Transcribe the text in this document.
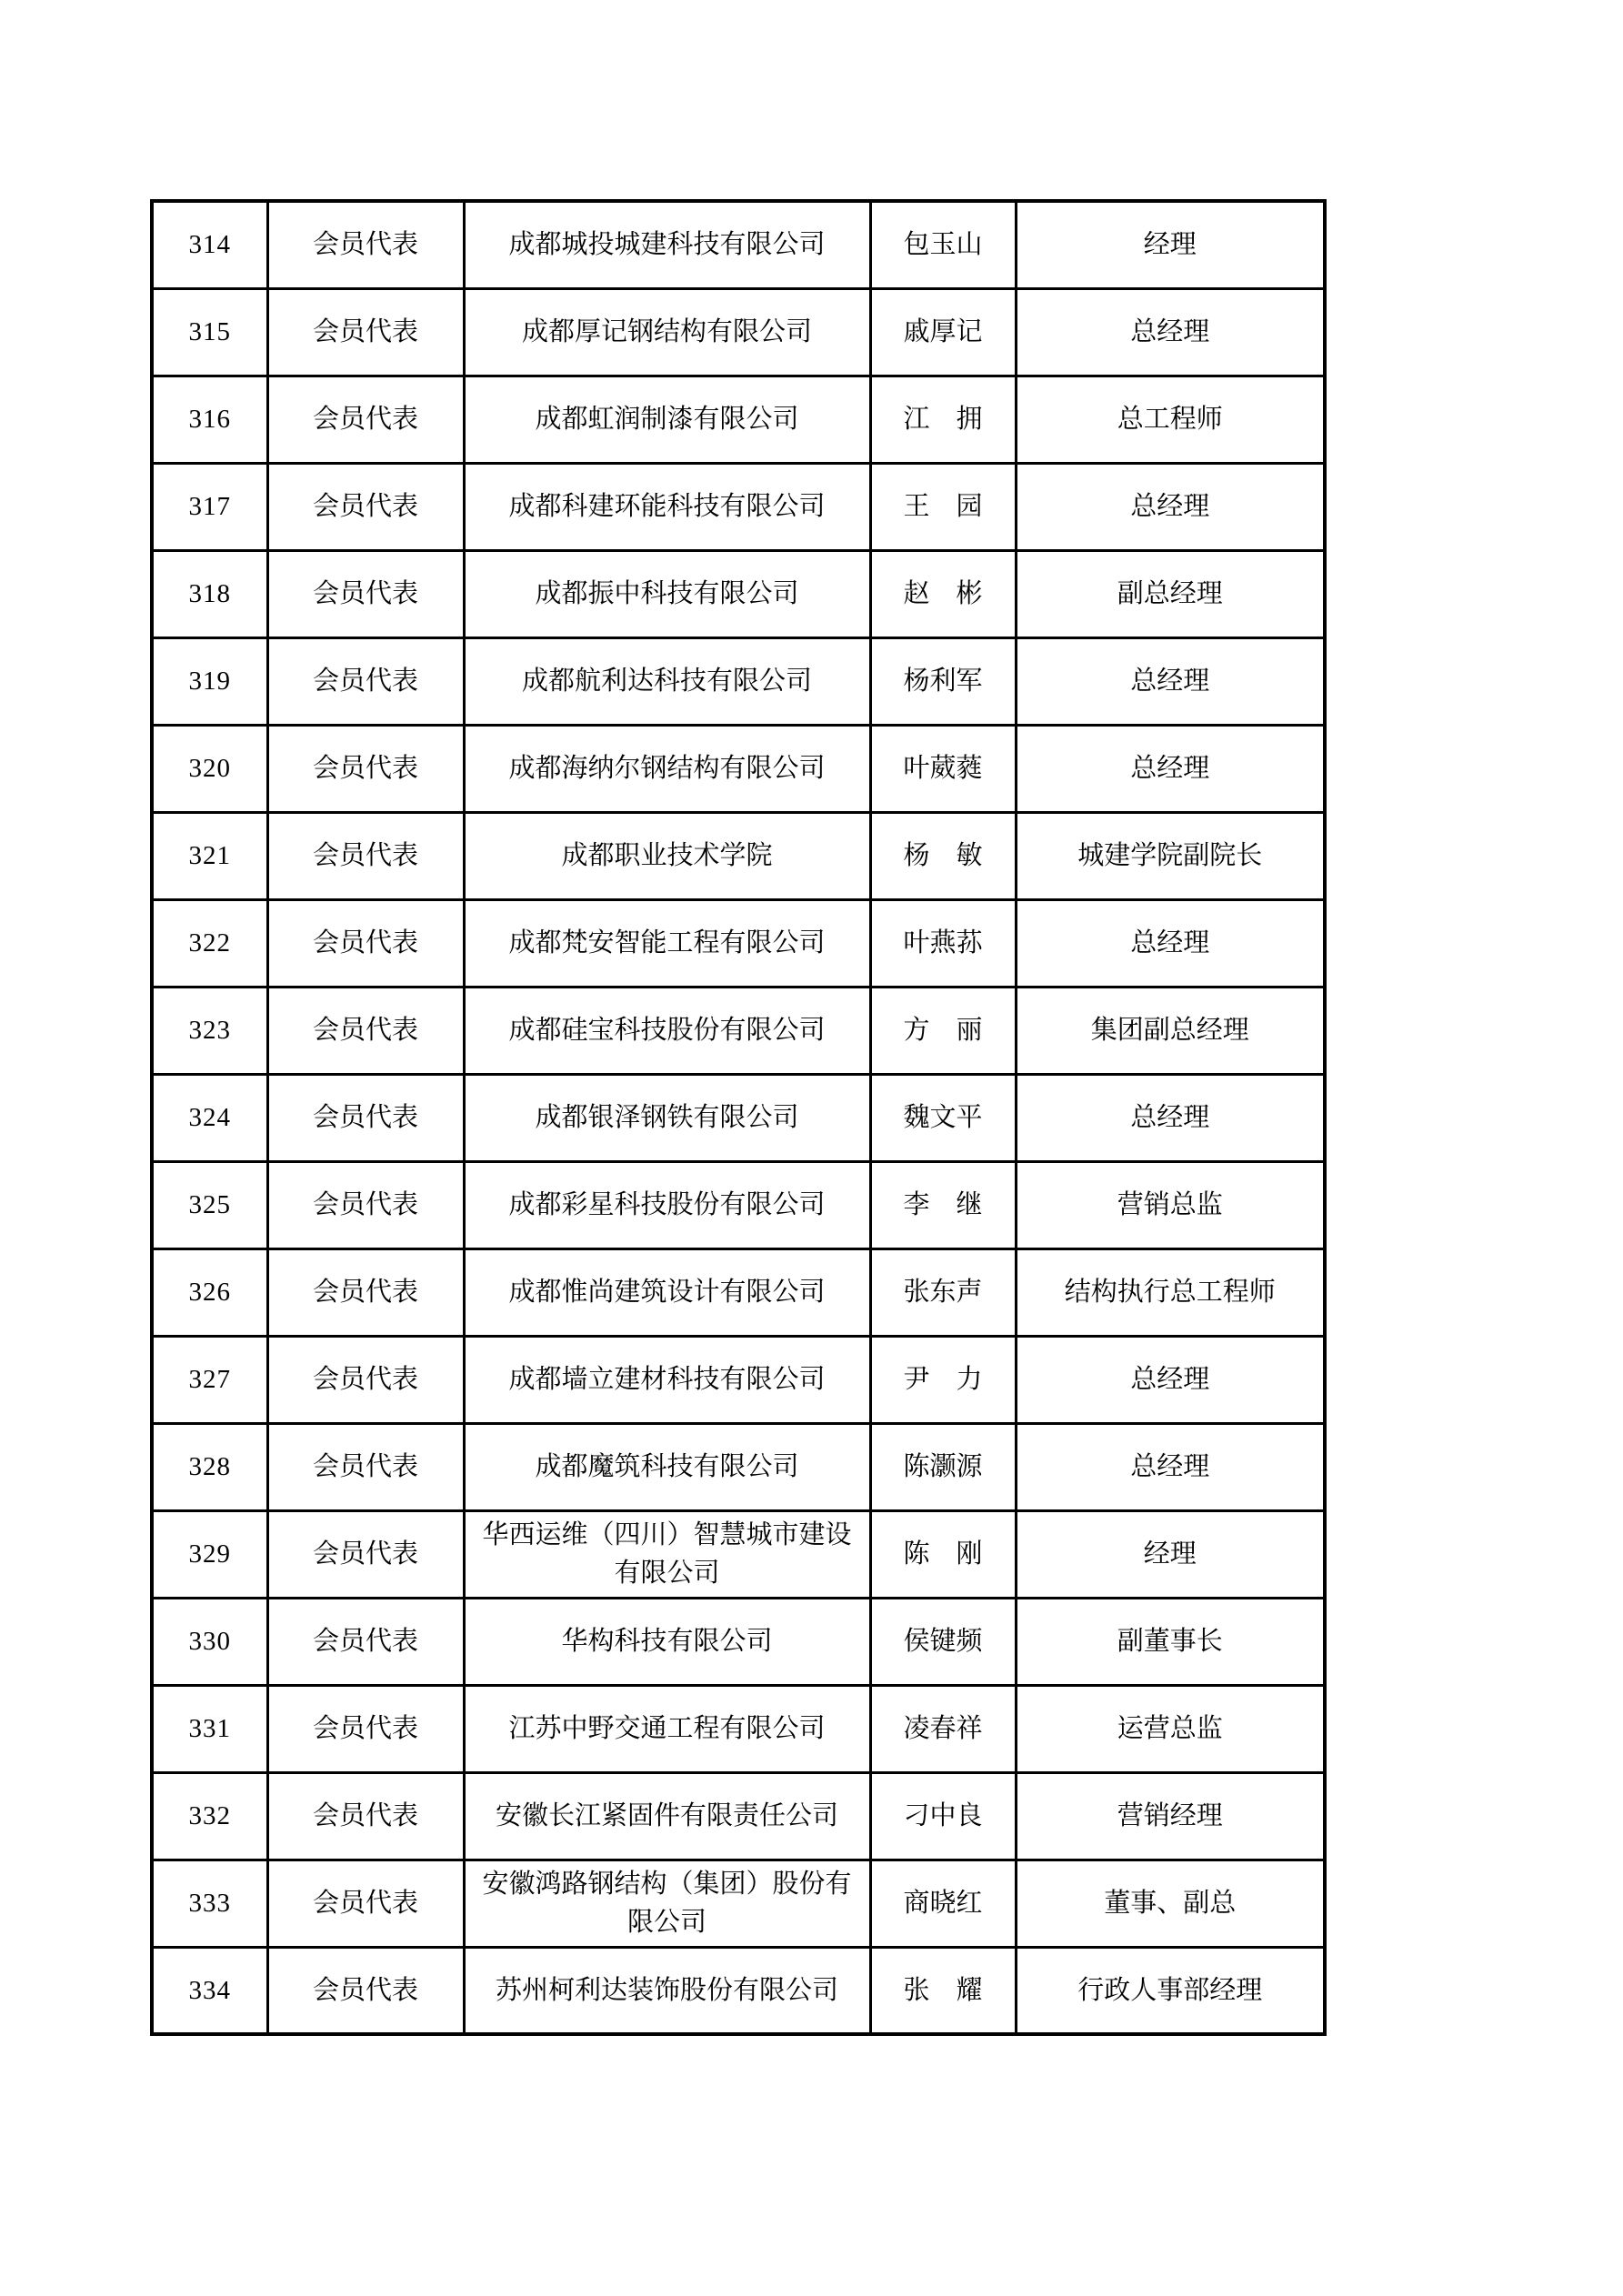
314	会员代表	成都城投城建科技有限公司	包玉山	经理
315	会员代表	成都厚记钢结构有限公司	戚厚记	总经理
316	会员代表	成都虹润制漆有限公司	江　拥	总工程师
317	会员代表	成都科建环能科技有限公司	王　园	总经理
318	会员代表	成都振中科技有限公司	赵　彬	副总经理
319	会员代表	成都航利达科技有限公司	杨利军	总经理
320	会员代表	成都海纳尔钢结构有限公司	叶葳蕤	总经理
321	会员代表	成都职业技术学院	杨　敏	城建学院副院长
322	会员代表	成都梵安智能工程有限公司	叶燕荪	总经理
323	会员代表	成都硅宝科技股份有限公司	方　丽	集团副总经理
324	会员代表	成都银泽钢铁有限公司	魏文平	总经理
325	会员代表	成都彩星科技股份有限公司	李　继	营销总监
326	会员代表	成都惟尚建筑设计有限公司	张东声	结构执行总工程师
327	会员代表	成都墙立建材科技有限公司	尹　力	总经理
328	会员代表	成都魔筑科技有限公司	陈灏源	总经理
329	会员代表	华西运维（四川）智慧城市建设有限公司	陈　刚	经理
330	会员代表	华构科技有限公司	侯键频	副董事长
331	会员代表	江苏中野交通工程有限公司	凌春祥	运营总监
332	会员代表	安徽长江紧固件有限责任公司	刁中良	营销经理
333	会员代表	安徽鸿路钢结构（集团）股份有限公司	商晓红	董事、副总
334	会员代表	苏州柯利达装饰股份有限公司	张　耀	行政人事部经理
